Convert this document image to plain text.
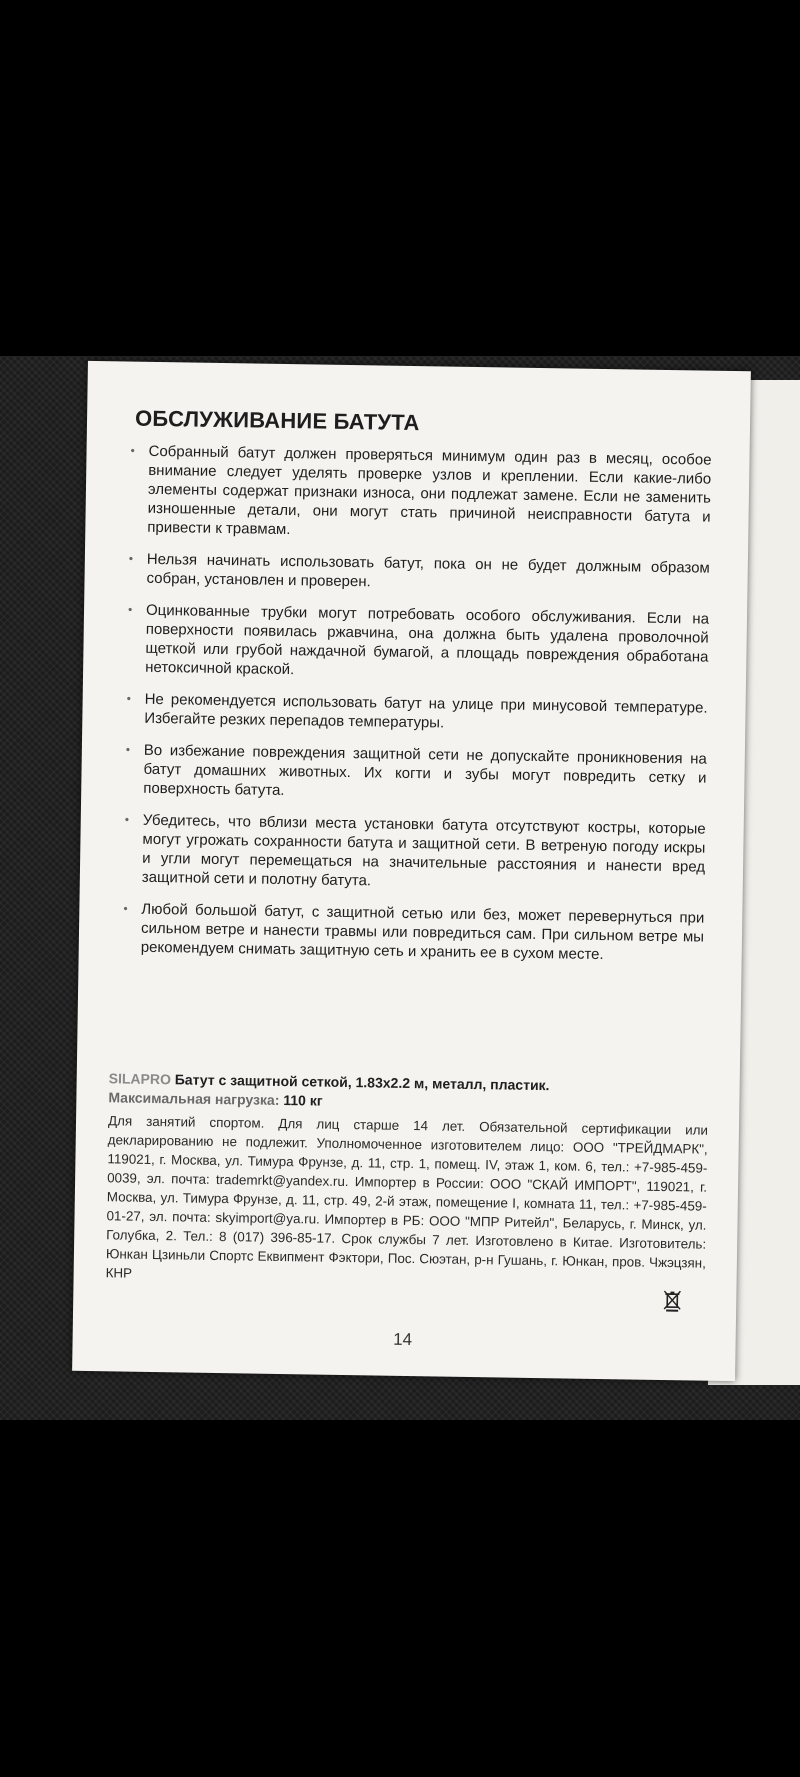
ОБСЛУЖИВАНИЕ БАТУТА
• Собранный батут должен проверяться минимум один раз в месяц, особое внимание следует уделять проверке узлов и креплении. Если какие-либо элементы содержат признаки износа, они подлежат замене. Если не заменить изношенные детали, они могут стать причиной неисправности батута и привести к травмам.
• Нельзя начинать использовать батут, пока он не будет должным образом собран, установлен и проверен.
• Оцинкованные трубки могут потребовать особого обслуживания. Если на поверхности появилась ржавчина, она должна быть удалена проволочной щеткой или грубой наждачной бумагой, а площадь повреждения обработана нетоксичной краской.
• Не рекомендуется использовать батут на улице при минусовой температуре. Избегайте резких перепадов температуры.
• Во избежание повреждения защитной сети не допускайте проникновения на батут домашних животных. Их когти и зубы могут повредить сетку и поверхность батута.
• Убедитесь, что вблизи места установки батута отсутствуют костры, которые могут угрожать сохранности батута и защитной сети. В ветреную погоду искры и угли могут перемещаться на значительные расстояния и нанести вред защитной сети и полотну батута.
• Любой большой батут, с защитной сетью или без, может перевернуться при сильном ветре и нанести травмы или повредиться сам. При сильном ветре мы рекомендуем снимать защитную сеть и хранить ее в сухом месте.
SILAPRO Батут с защитной сеткой, 1.83x2.2 м, металл, пластик.
Максимальная нагрузка: 110 кг
Для занятий спортом. Для лиц старше 14 лет. Обязательной сертификации или декларированию не подлежит. Уполномоченное изготовителем лицо: ООО "ТРЕЙДМАРК", 119021, г. Москва, ул. Тимура Фрунзе, д. 11, стр. 1, помещ. IV, этаж 1, ком. 6, тел.: +7-985-459-0039, эл. почта: trademrkt@yandex.ru. Импортер в России: ООО "СКАЙ ИМПОРТ", 119021, г. Москва, ул. Тимура Фрунзе, д. 11, стр. 49, 2-й этаж, помещение I, комната 11, тел.: +7-985-459-01-27, эл. почта: skyimport@ya.ru. Импортер в РБ: ООО "МПР Ритейл", Беларусь, г. Минск, ул. Голубка, 2. Тел.: 8 (017) 396-85-17. Срок службы 7 лет. Изготовлено в Китае. Изготовитель: Юнкан Цзиньли Спортс Еквипмент Фэктори, Пос. Сюэтан, р-н Гушань, г. Юнкан, пров. Чжэцзян, КНР
14
